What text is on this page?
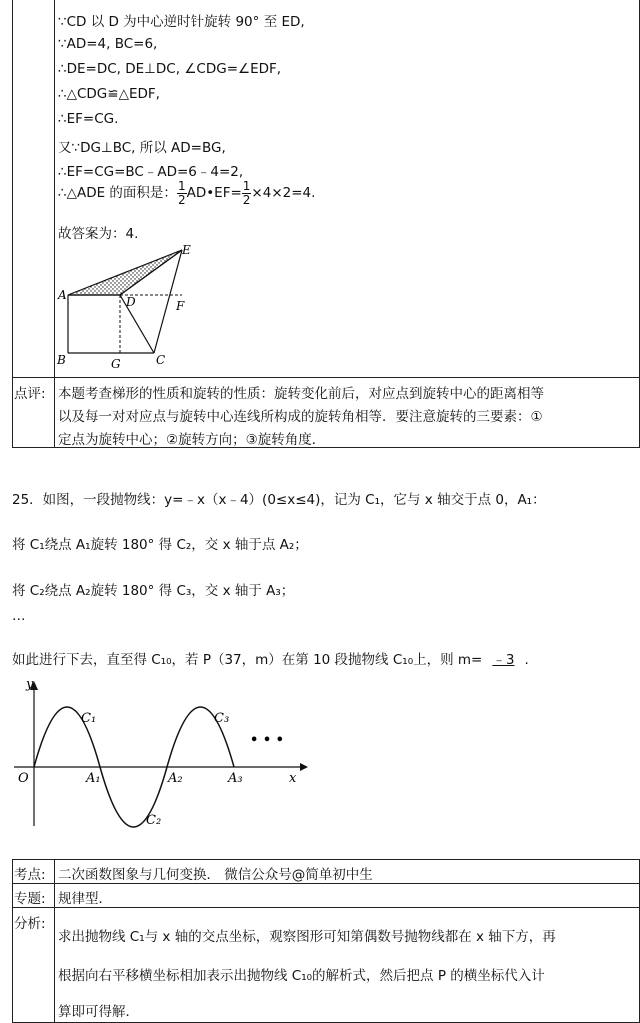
∵CD 以 D 为中心逆时针旋转 90° 至 ED,
∵AD=4, BC=6,
∴DE=DC, DE⊥DC, ∠CDG=∠EDF,
∴△CDG≌△EDF,
∴EF=CG.
又∵DG⊥BC, 所以 AD=BG,
∴EF=CG=BC﹣AD=6﹣4=2,
∴△ADE 的面积是： $\frac{1}{2}$ AD•EF= $\frac{1}{2} \times 4\times 2=4$.
故答案为：4.
A
B	G	C
D
E
F
点评: 本题考查梯形的性质和旋转的性质：旋转变化前后，对应点到旋转中心的距离相等
以及每一对对应点与旋转中心连线所构成的旋转角相等．要注意旋转的三要素：①
定点为旋转中心；②旋转方向；③旋转角度．
25．如图，一段抛物线：y=﹣x（x﹣4）(0≤x≤4)，记为 C₁，它与 x 轴交于点 0，A₁：
将 C₁绕点 A₁旋转 180° 得 C₂，交 x 轴于点 A₂；
将 C₂绕点 A₂旋转 180° 得 C₃，交 x 轴于 A₃；
…
如此进行下去，直至得 C₁₀，若 P（37，m）在第 10 段抛物线 C₁₀上，则 m= ﹣3 .
y
x
O	A₁	A₂	A₃
C₁
C₂
C₃
• • •
考点: 二次函数图象与几何变换． 微信公众号@简单初中生
专题: 规律型．
分析:
求出抛物线 C₁与 x 轴的交点坐标，观察图形可知第偶数号抛物线都在 x 轴下方，再
根据向右平移横坐标相加表示出抛物线 C₁₀的解析式，然后把点 P 的横坐标代入计
算即可得解．
